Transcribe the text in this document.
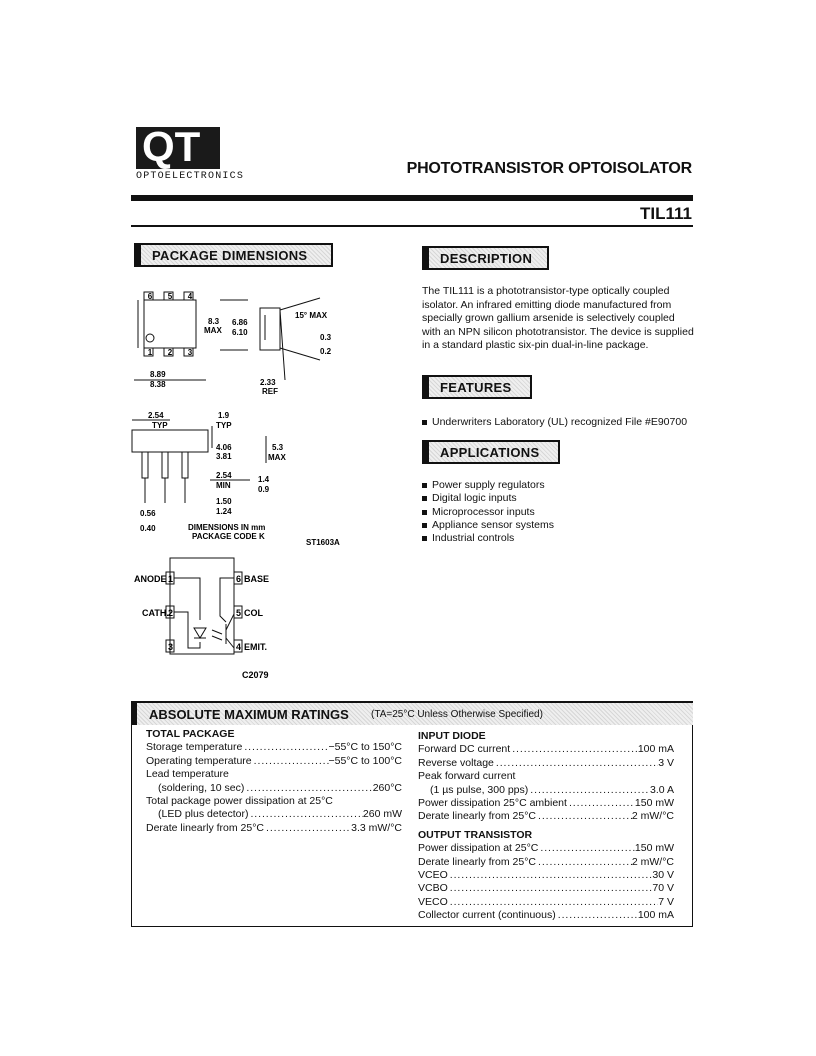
QT
OPTOELECTRONICS	PHOTOTRANSISTOR OPTOISOLATOR
TIL111
PACKAGE DIMENSIONS	DESCRIPTION
FEATURES
APPLICATIONS
The TIL111 is a phototransistor-type optically coupled isolator. An infrared emitting diode manufactured from specially grown gallium arsenide is selectively coupled with an NPN silicon phototransistor. The device is supplied in a standard plastic six-pin dual-in-line package.
Underwriters Laboratory (UL) recognized File #E90700
Power supply regulators
Digital logic inputs
Microprocessor inputs
Appliance sensor systems
Industrial controls
6 5 4
1 2 3
8.3
MAX
6.86
6.10
15° MAX
0.3
0.2
8.89
8.38	2.33
REF
2.54
TYP
1.9
TYP
4.06
3.81
5.3
MAX
2.54
MIN
1.4
0.9
1.50
1.24
0.56
0.40	DIMENSIONS IN mm
PACKAGE CODE K
ST1603A
ANODE
CATH.
BASE
COL
EMIT.
1
2
3	4
5
6
C2079
ABSOLUTE MAXIMUM RATINGS (TA=25°C Unless Otherwise Specified)
TOTAL PACKAGE
Storage temperature . . .	−55°C to 150°C
Operating temperature . . .	−55°C to 100°C
Lead temperature
(soldering, 10 sec) . . .	260°C
Total package power dissipation at 25°C
(LED plus detector) . . .	260 mW
Derate linearly from 25°C . . .	3.3 mW/°C
INPUT DIODE
Forward DC current . . .	100 mA
Reverse voltage . . .	3 V
Peak forward current
(1 µs pulse, 300 pps) . . .	3.0 A
Power dissipation 25°C ambient . . .	150 mW
Derate linearly from 25°C . . .	2 mW/°C
OUTPUT TRANSISTOR
Power dissipation at 25°C . . .	150 mW
Derate linearly from 25°C . . .	2 mW/°C
VCEO . . .	30 V
VCBO . . .	70 V
VECO . . .	7 V
Collector current (continuous) . . .	100 mA
